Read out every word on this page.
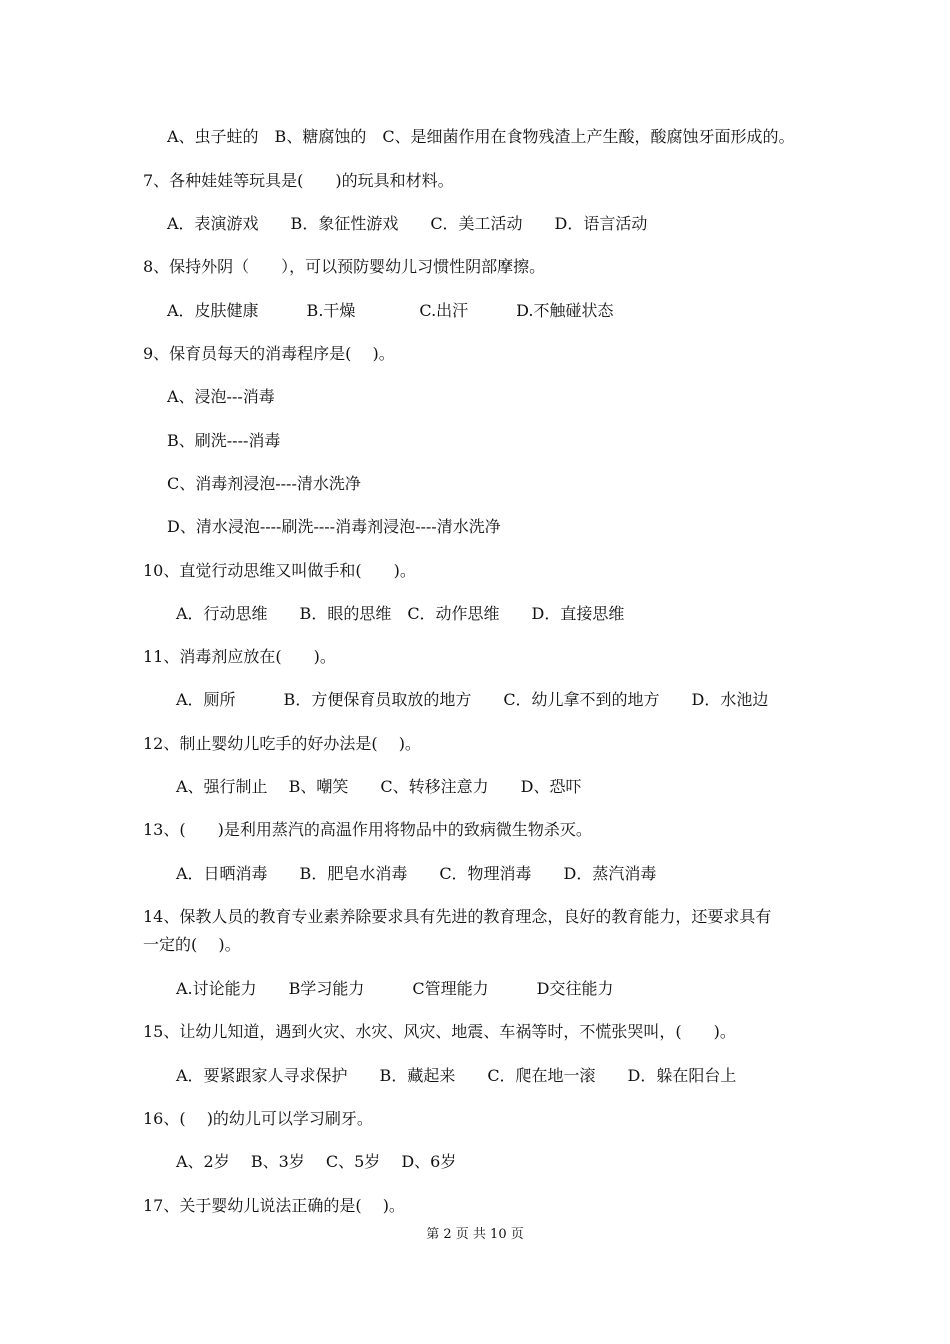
A、虫子蛀的　B、糖腐蚀的　C、是细菌作用在食物残渣上产生酸，酸腐蚀牙面形成的。
7、各种娃娃等玩具是(　　)的玩具和材料。
A．表演游戏　　B．象征性游戏　　C．美工活动　　D．语言活动
8、保持外阴（　　），可以预防婴幼儿习惯性阴部摩擦。
A．皮肤健康　　　B.干燥　　　　C.出汗　　　D.不触碰状态
9、保育员每天的消毒程序是(　 )。
A、浸泡---消毒
B、刷洗----消毒
C、消毒剂浸泡----清水洗净
D、清水浸泡----刷洗----消毒剂浸泡----清水洗净
10、直觉行动思维又叫做手和(　　)。
A．行动思维　　B．眼的思维　C．动作思维　　D．直接思维
11、消毒剂应放在(　　)。
A．厕所　　　B．方便保育员取放的地方　　C．幼儿拿不到的地方　　D．水池边
12、制止婴幼儿吃手的好办法是(　 )。
A、强行制止　 B、嘲笑　　C、转移注意力　　D、恐吓
13、(　　)是利用蒸汽的高温作用将物品中的致病微生物杀灭。
A．日晒消毒　　B．肥皂水消毒　　C．物理消毒　　D．蒸汽消毒
14、保教人员的教育专业素养除要求具有先进的教育理念，良好的教育能力，还要求具有
一定的(　 )。
A.讨论能力　　B学习能力　　　C管理能力　　　D交往能力
15、让幼儿知道，遇到火灾、水灾、风灾、地震、车祸等时，不慌张哭叫，(　　)。
A．要紧跟家人寻求保护　　B．藏起来　　C．爬在地一滚　　D．躲在阳台上
16、(　 )的幼儿可以学习刷牙。
A、2岁　 B、3岁　 C、5岁　 D、6岁
17、关于婴幼儿说法正确的是(　 )。
第 2 页 共 10 页
